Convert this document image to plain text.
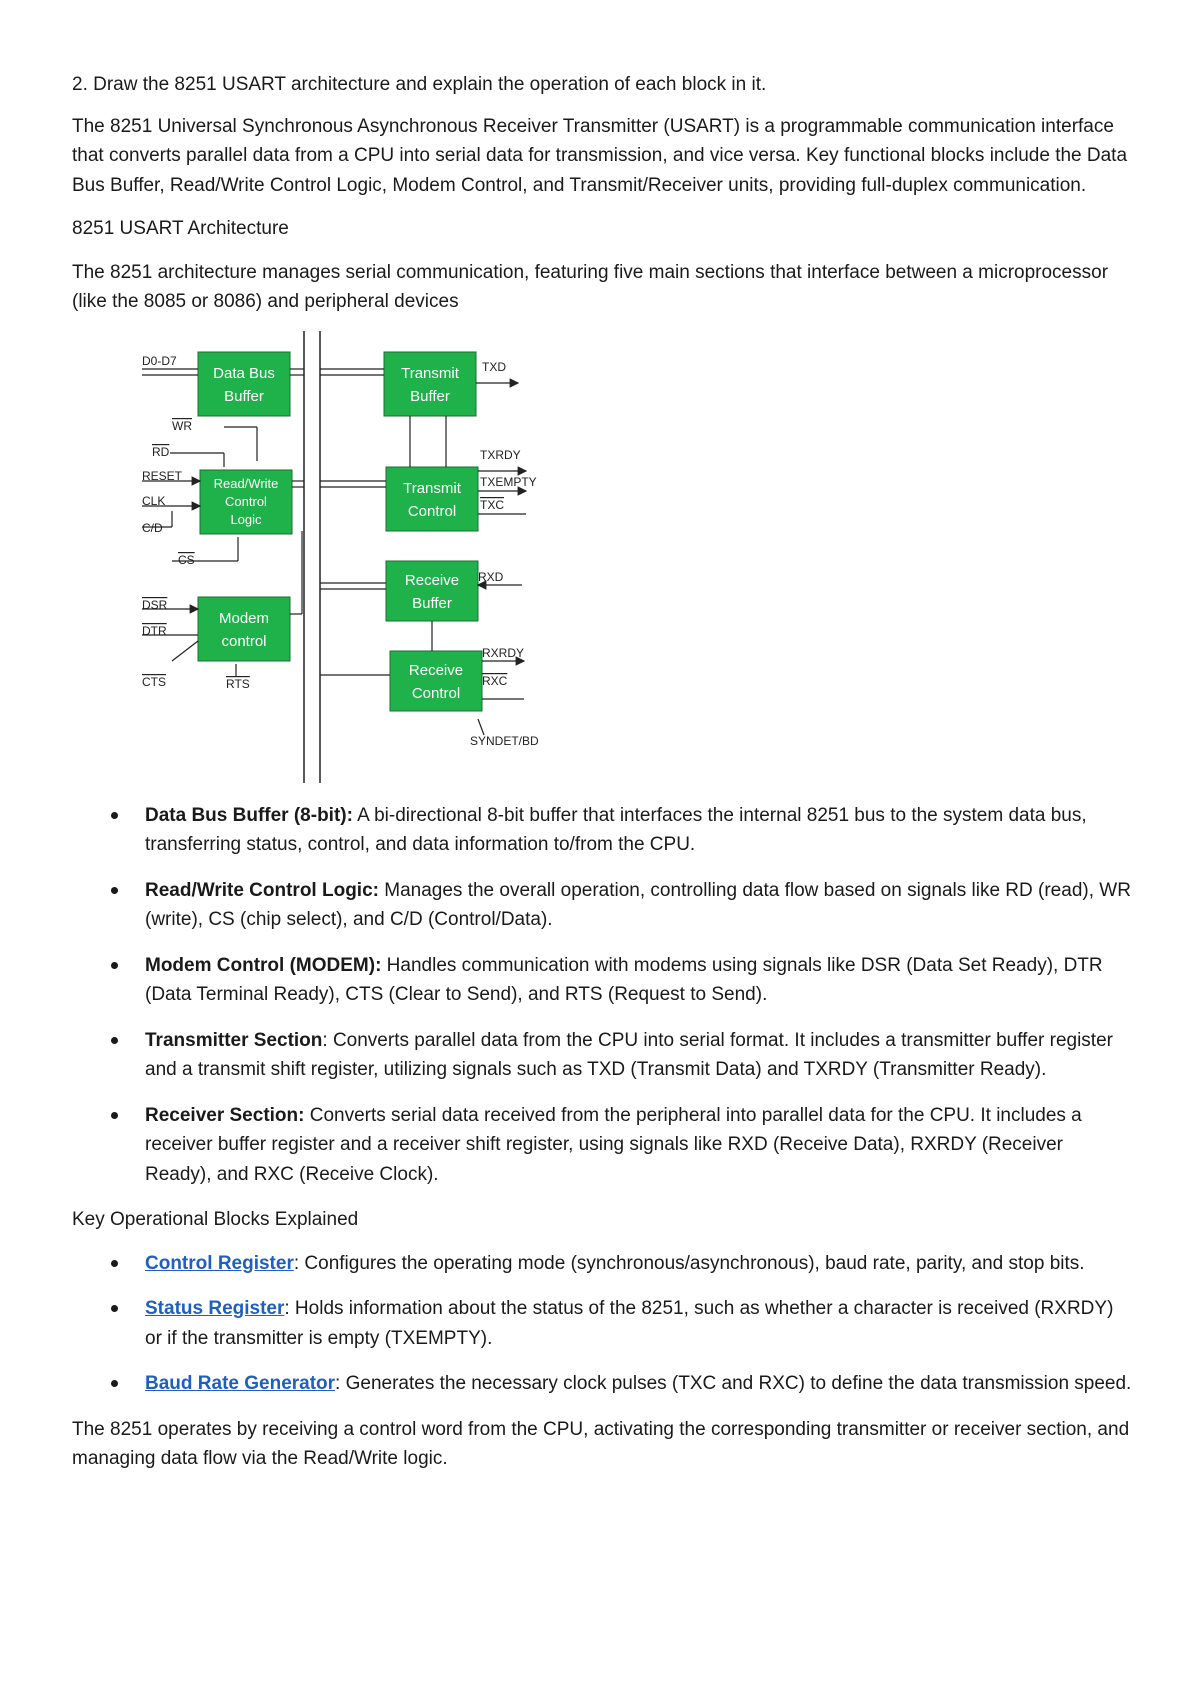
2. Draw the 8251 USART architecture and explain the operation of each block in it.

The 8251 Universal Synchronous Asynchronous Receiver Transmitter (USART) is a programmable communication interface that converts parallel data from a CPU into serial data for transmission, and vice versa. Key functional blocks include the Data Bus Buffer, Read/Write Control Logic, Modem Control, and Transmit/Receiver units, providing full-duplex communication.

8251 USART Architecture

The 8251 architecture manages serial communication, featuring five main sections that interface between a microprocessor (like the 8085 or 8086) and peripheral devices

Data Bus
Buffer
Read/Write
Control
Logic
Modem
control
Transmit
Buffer
Transmit
Control
Receive
Buffer
Receive
Control
D0-D7
WR
RD
RESET
CLK
C/D
CS
DSR
DTR
CTS	RTS
TXD
TXRDY
TXEMPTY
TXC
RXD
RXRDY
RXC
SYNDET/BD
Data Bus Buffer (8-bit): A bi-directional 8-bit buffer that interfaces the internal 8251 bus to the system data bus, transferring status, control, and data information to/from the CPU.
Read/Write Control Logic: Manages the overall operation, controlling data flow based on signals like RD (read), WR (write), CS (chip select), and C/D (Control/Data).
Modem Control (MODEM): Handles communication with modems using signals like DSR (Data Set Ready), DTR (Data Terminal Ready), CTS (Clear to Send), and RTS (Request to Send).
Transmitter Section: Converts parallel data from the CPU into serial format. It includes a transmitter buffer register and a transmit shift register, utilizing signals such as TXD (Transmit Data) and TXRDY (Transmitter Ready).
Receiver Section: Converts serial data received from the peripheral into parallel data for the CPU. It includes a receiver buffer register and a receiver shift register, using signals like RXD (Receive Data), RXRDY (Receiver Ready), and RXC (Receive Clock).

Key Operational Blocks Explained

Control Register: Configures the operating mode (synchronous/asynchronous), baud rate, parity, and stop bits.
Status Register: Holds information about the status of the 8251, such as whether a character is received (RXRDY) or if the transmitter is empty (TXEMPTY).
Baud Rate Generator: Generates the necessary clock pulses (TXC and RXC) to define the data transmission speed.

The 8251 operates by receiving a control word from the CPU, activating the corresponding transmitter or receiver section, and managing data flow via the Read/Write logic.
